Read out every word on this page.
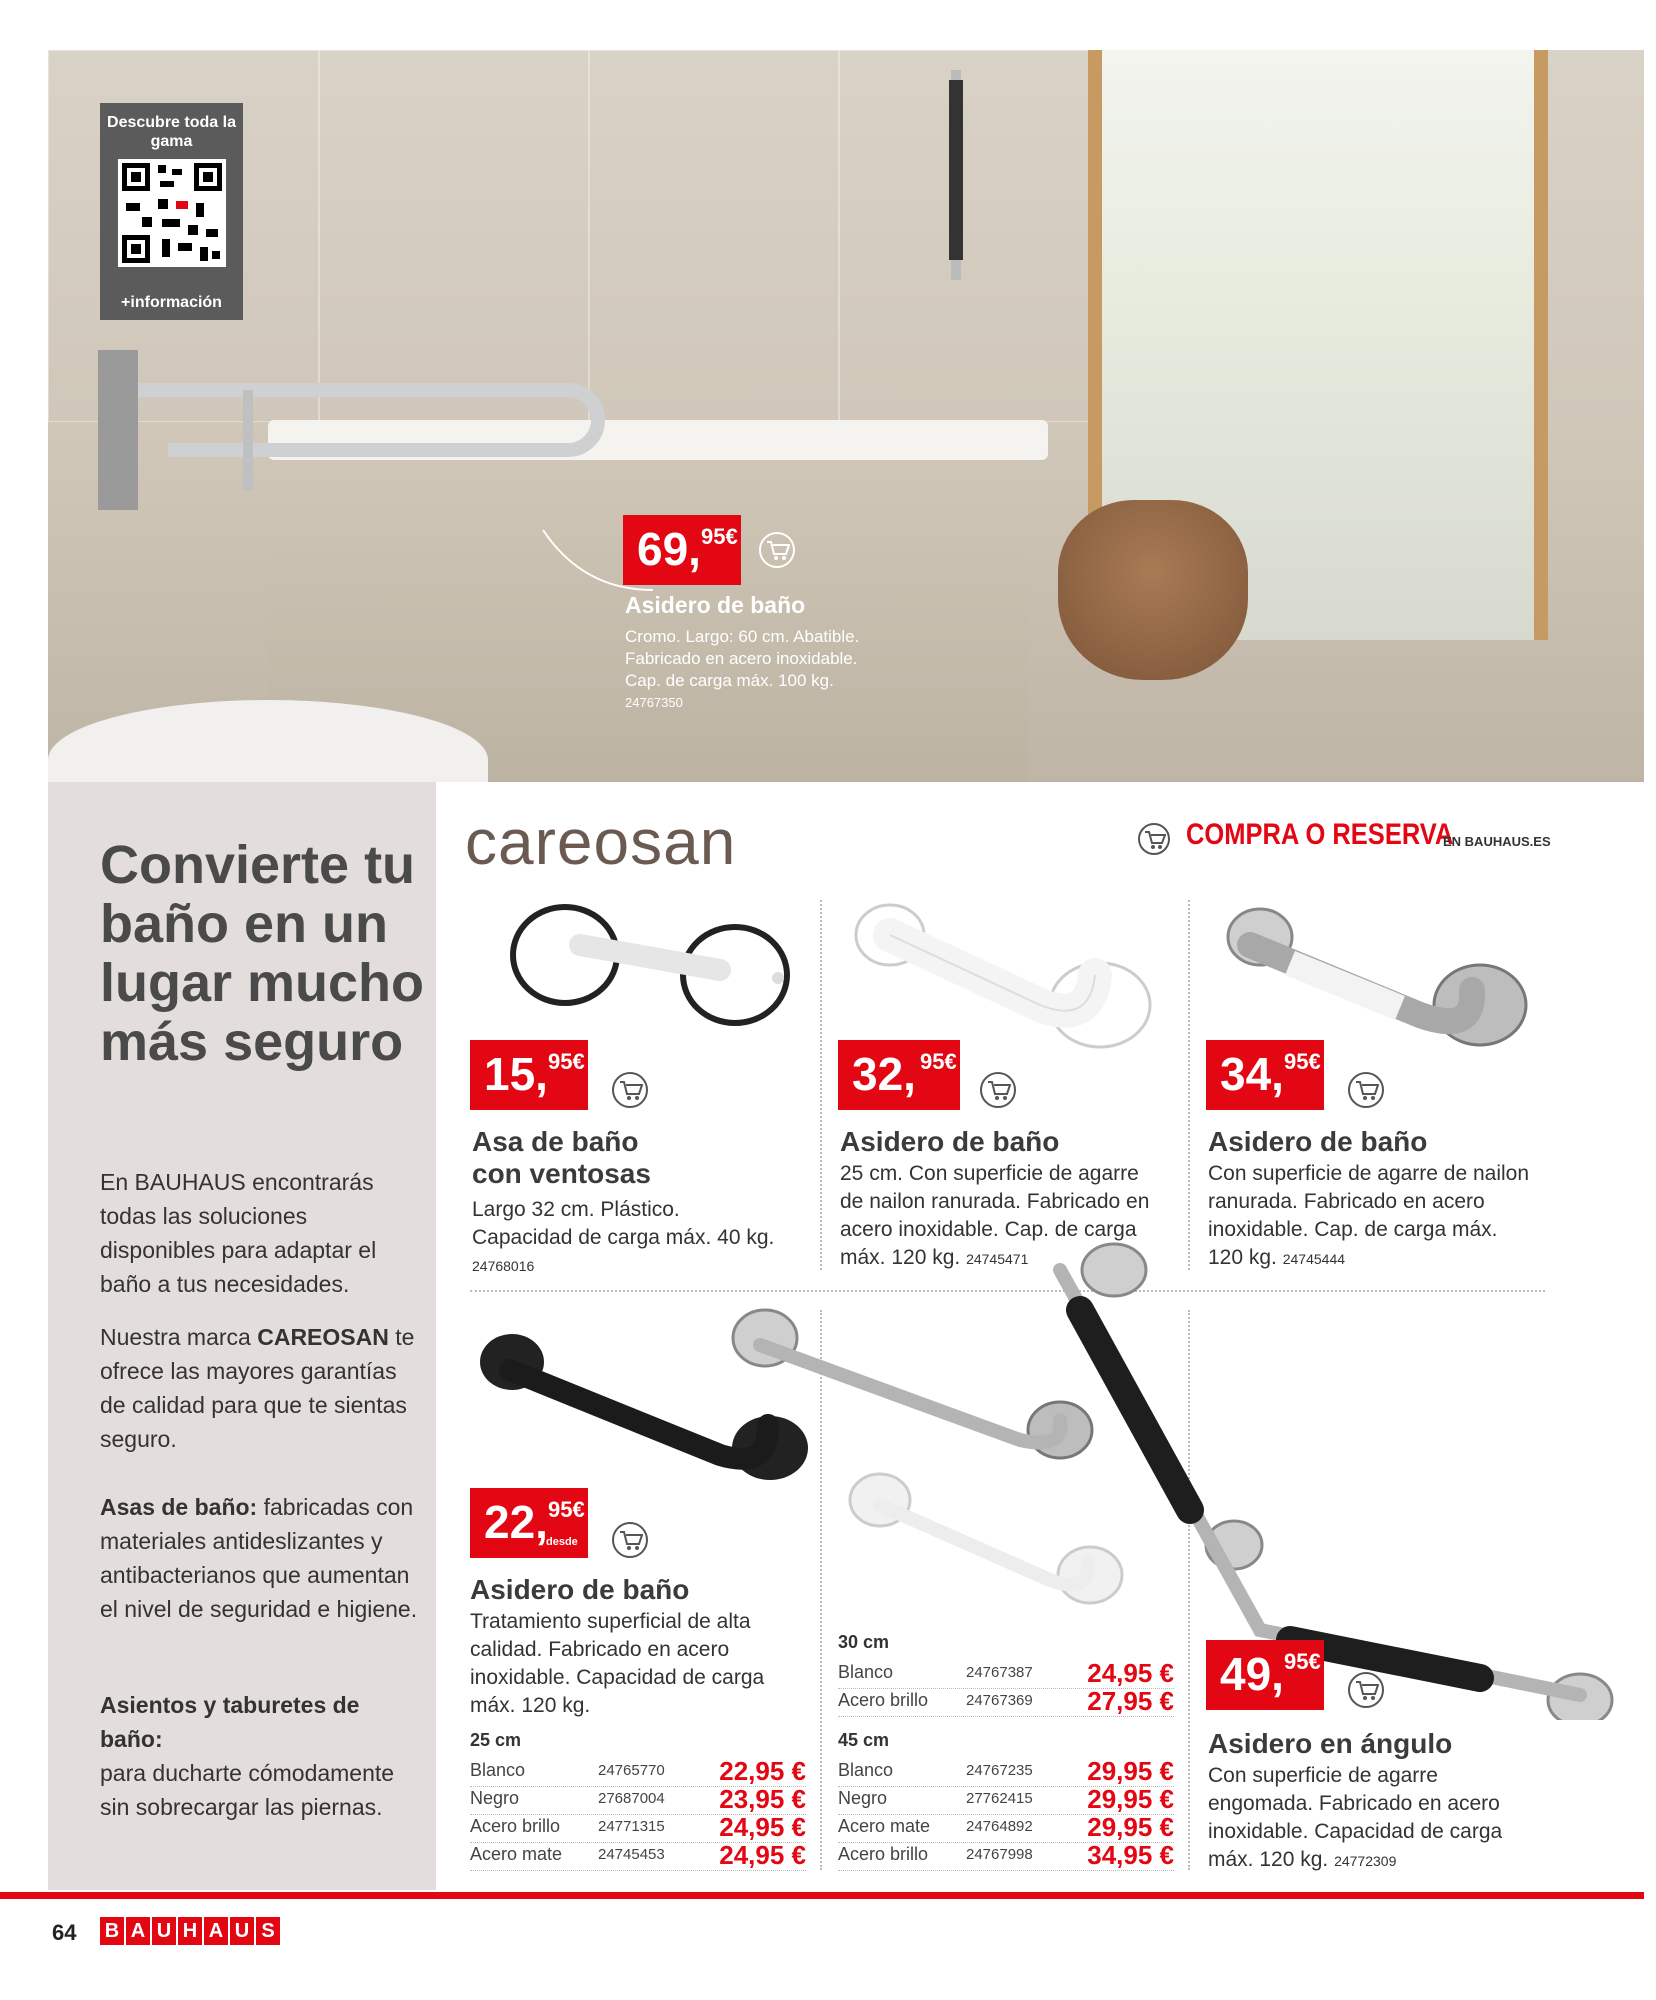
Descubre toda la gama
+información
69, 95€
Asidero de baño
Cromo. Largo: 60 cm. Abatible.
Fabricado en acero inoxidable.
Cap. de carga máx. 100 kg.
24767350
Convierte tu baño en un lugar mucho más seguro
En BAUHAUS encontrarás todas las soluciones disponibles para adaptar el baño a tus necesidades.
Nuestra marca CAREOSAN te ofrece las mayores garantías de calidad para que te sientas seguro.
Asas de baño: fabricadas con materiales antideslizantes y antibacterianos que aumentan el nivel de seguridad e higiene.
Asientos y taburetes de baño:
para ducharte cómodamente sin sobrecargar las piernas.
careosan	COMPRA O RESERVA
EN BAUHAUS.ES
15, 95€
Asa de baño
con ventosas
Largo 32 cm. Plástico.
Capacidad de carga máx. 40 kg.
24768016
32, 95€
Asidero de baño
25 cm. Con superficie de agarre
de nailon ranurada. Fabricado en
acero inoxidable. Cap. de carga
máx. 120 kg. 24745471
34, 95€
Asidero de baño
Con superficie de agarre de nailon
ranurada. Fabricado en acero
inoxidable. Cap. de carga máx.
120 kg. 24745444
22, 95€
desde
Asidero de baño
Tratamiento superficial de alta
calidad. Fabricado en acero
inoxidable. Capacidad de carga
máx. 120 kg.
25 cm
Blanco	24765770 22,95 €
Negro	27687004 23,95 €
Acero brillo	24771315 24,95 €
Acero mate 24745453 24,95 €
30 cm
Blanco	24767387 24,95 €
Acero brillo	24767369 27,95 €
45 cm
Blanco	24767235 29,95 €
Negro	27762415 29,95 €
Acero mate 24764892 29,95 €
Acero brillo	24767998 34,95 €
49, 95€
Asidero en ángulo
Con superficie de agarre
engomada. Fabricado en acero
inoxidable. Capacidad de carga
máx. 120 kg. 24772309
64 B A U H A U S
